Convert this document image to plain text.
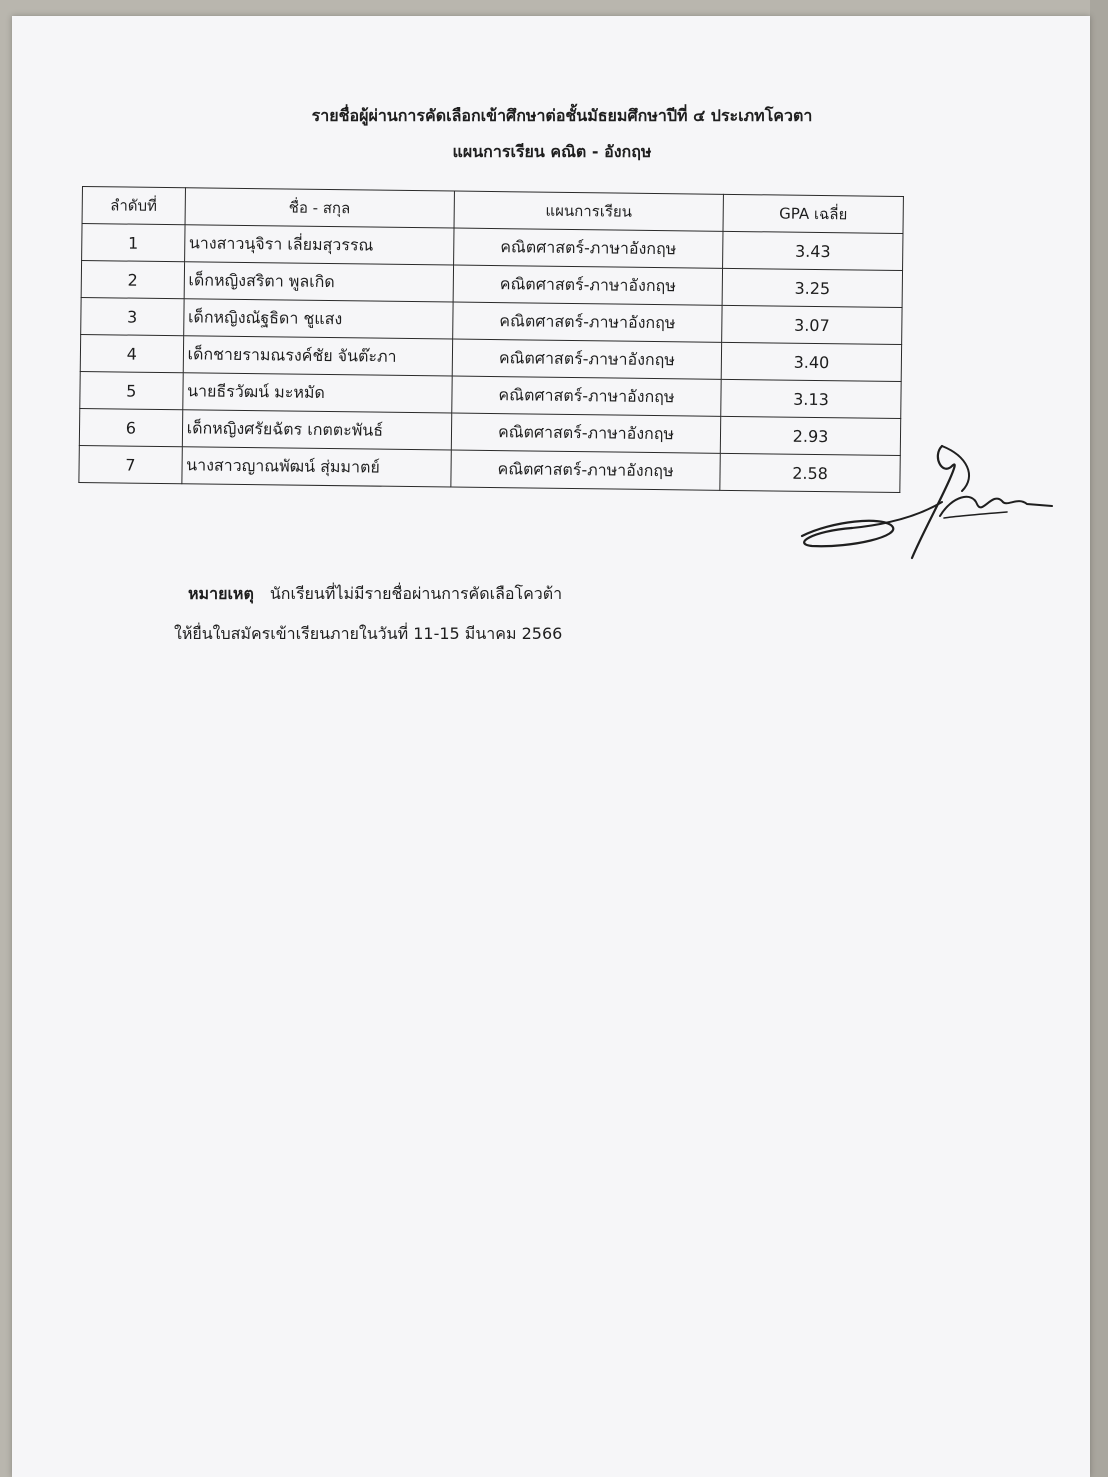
รายชื่อผู้ผ่านการคัดเลือกเข้าศึกษาต่อชั้นมัธยมศึกษาปีที่ ๔ ประเภทโควตา
แผนการเรียน คณิต - อังกฤษ
ลำดับที่	ชื่อ - สกุล	แผนการเรียน	GPA เฉลี่ย
1	นางสาวนุจิรา เลี่ยมสุวรรณ	คณิตศาสตร์-ภาษาอังกฤษ	3.43
2	เด็กหญิงสริตา พูลเกิด	คณิตศาสตร์-ภาษาอังกฤษ	3.25
3	เด็กหญิงณัฐธิดา ชูแสง	คณิตศาสตร์-ภาษาอังกฤษ	3.07
4	เด็กชายรามณรงค์ชัย จันต๊ะภา	คณิตศาสตร์-ภาษาอังกฤษ	3.40
5	นายธีรวัฒน์ มะหมัด	คณิตศาสตร์-ภาษาอังกฤษ	3.13
6	เด็กหญิงศรัยฉัตร เกตตะพันธ์	คณิตศาสตร์-ภาษาอังกฤษ	2.93
7	นางสาวญาณพัฒน์ สุ่มมาตย์	คณิตศาสตร์-ภาษาอังกฤษ	2.58
หมายเหตุ นักเรียนที่ไม่มีรายชื่อผ่านการคัดเลือโควต้า
ให้ยื่นใบสมัครเข้าเรียนภายในวันที่ 11-15 มีนาคม 2566
